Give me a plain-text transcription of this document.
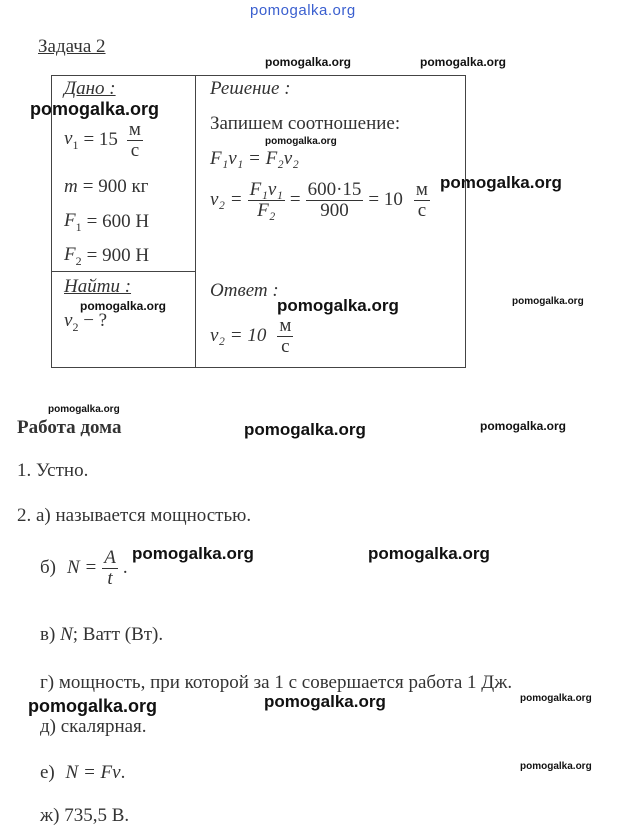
pomogalka.org
pomogalka.org	pomogalka.org
pomogalka.org
pomogalka.org
pomogalka.org
pomogalka.org	pomogalka.org	pomogalka.org
pomogalka.org
pomogalka.org	pomogalka.org
pomogalka.org	pomogalka.org
pomogalka.org	pomogalka.org	pomogalka.org
pomogalka.org
Задача 2
Дано :
$v_1 = 15 \frac{м}{с}$
m = 900 кг
$F_1 = 600$ Н
$F_2 = 900$ Н
Найти :
$v_2$ − ?
Решение :
Запишем соотношение:
F₁v₁ = F₂v₂
$v_2 = \frac{\text{F₁v₁}}{\text{F₂}} = \frac{600\cdot 15}{900} = 10 \frac{м}{с}$
Ответ :
$v_2 = 10 \frac{м}{с}$
Работа дома
1. Устно.
2. а) называется мощностью.
б) $N = \frac{A}{t}$ .
в) N; Ватт (Вт).
г) мощность, при которой за 1 с совершается работа 1 Дж.
д) скалярная.
е) N = Fv.
ж) 735,5 В.
